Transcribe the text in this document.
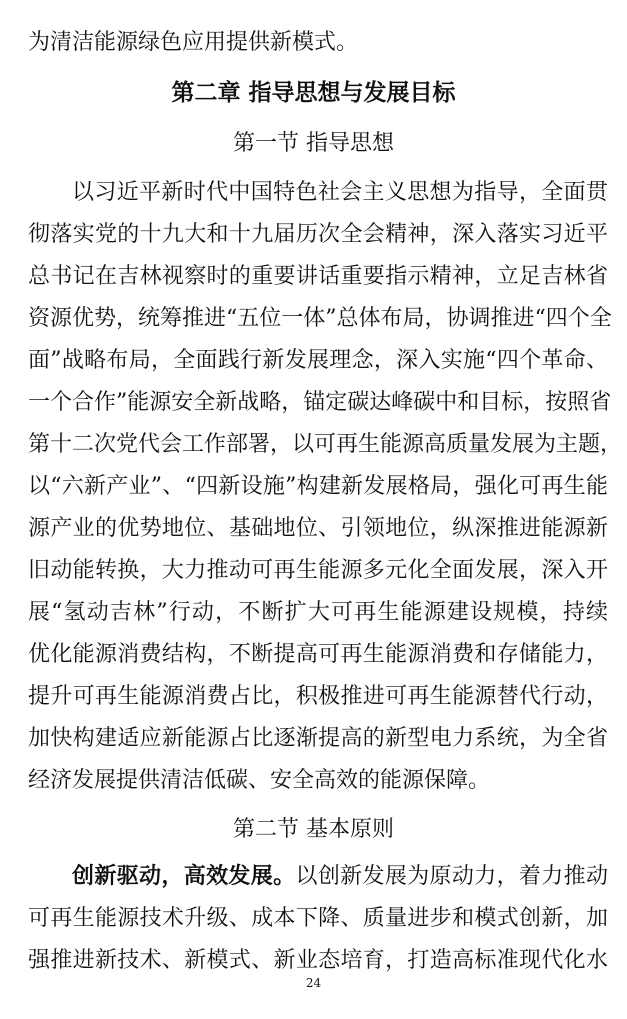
为清洁能源绿色应用提供新模式。
第二章 指导思想与发展目标
第一节 指导思想
以习近平新时代中国特色社会主义思想为指导，全面贯
彻落实党的十九大和十九届历次全会精神，深入落实习近平
总书记在吉林视察时的重要讲话重要指示精神，立足吉林省
资源优势，统筹推进“五位一体”总体布局，协调推进“四个全
面”战略布局，全面践行新发展理念，深入实施“四个革命、
一个合作”能源安全新战略，锚定碳达峰碳中和目标，按照省
第十二次党代会工作部署，以可再生能源高质量发展为主题，
以“六新产业”、“四新设施”构建新发展格局，强化可再生能
源产业的优势地位、基础地位、引领地位，纵深推进能源新
旧动能转换，大力推动可再生能源多元化全面发展，深入开
展“氢动吉林”行动，不断扩大可再生能源建设规模，持续
优化能源消费结构，不断提高可再生能源消费和存储能力，
提升可再生能源消费占比，积极推进可再生能源替代行动，
加快构建适应新能源占比逐渐提高的新型电力系统，为全省
经济发展提供清洁低碳、安全高效的能源保障。
第二节 基本原则
创新驱动，高效发展。以创新发展为原动力，着力推动
可再生能源技术升级、成本下降、质量进步和模式创新，加
强推进新技术、新模式、新业态培育，打造高标准现代化水
24
